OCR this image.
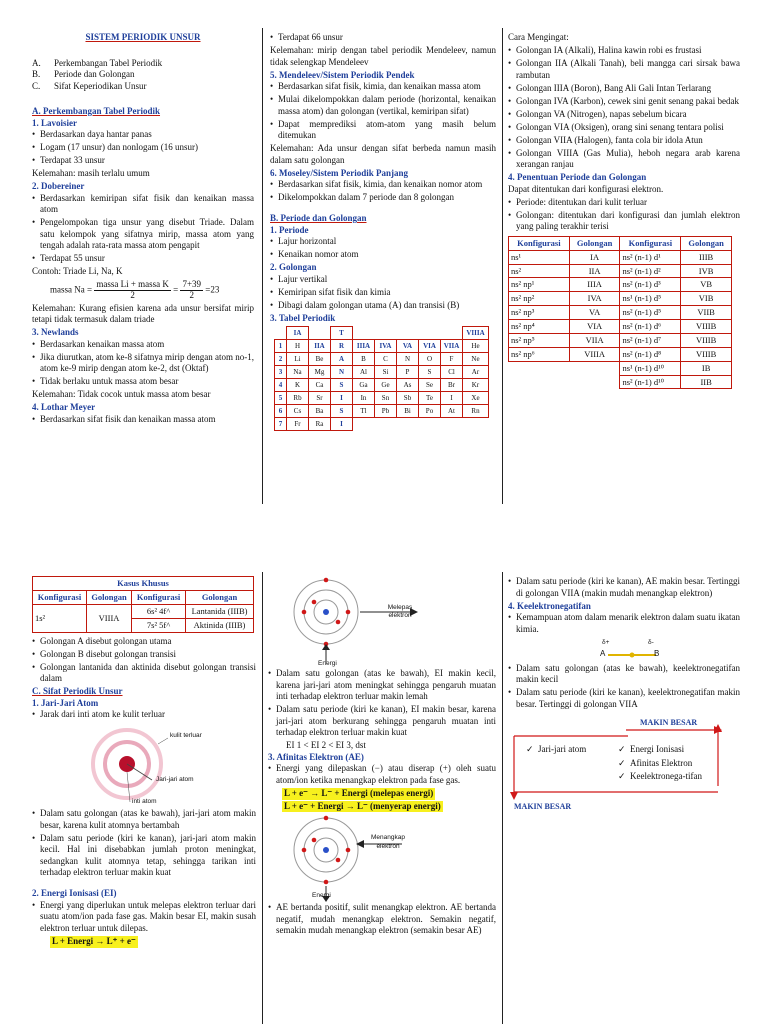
SISTEM PERIODIK UNSUR
A. Perkembangan Tabel Periodik
B. Periode dan Golongan
C. Sifat Keperiodikan Unsur
A. Perkembangan Tabel Periodik
1. Lavoisier
• Berdasarkan daya hantar panas
• Logam (17 unsur) dan nonlogam (16 unsur)
• Terdapat 33 unsur
Kelemahan: masih terlalu umum
2. Dobereiner
• Berdasarkan kemiripan sifat fisik dan kenaikan massa atom
• Pengelompokan tiga unsur yang disebut Triade. Dalam satu kelompok yang sifatnya mirip, massa atom yang tengah adalah rata-rata massa atom pengapit
• Terdapat 55 unsur
Contoh: Triade Li, Na, K
massa $Na = \frac{\text{massa Li + massa K}}{2} = \frac{7+39}{2} =23$
Kelemahan: Kurang efisien karena ada unsur bersifat mirip tetapi tidak termasuk dalam triade
3. Newlands
• Berdasarkan kenaikan massa atom
• Jika diurutkan, atom ke-8 sifatnya mirip dengan atom no-1, atom ke-9 mirip dengan atom ke-2, dst (Oktaf)
• Tidak berlaku untuk massa atom besar
Kelemahan: Tidak cocok untuk massa atom besar
4. Lothar Meyer
• Berdasarkan sifat fisik dan kenaikan massa atom
• Terdapat 66 unsur
Kelemahan: mirip dengan tabel periodik Mendeleev, namun tidak selengkap Mendeleev
5. Mendeleev/Sistem Periodik Pendek
• Berdasarkan sifat fisik, kimia, dan kenaikan massa atom
• Mulai dikelompokkan dalam periode (horizontal, kenaikan massa atom) dan golongan (vertikal, kemiripan sifat)
• Dapat memprediksi atom-atom yang masih belum ditemukan
Kelemahan: Ada unsur dengan sifat berbeda namun masih dalam satu golongan
6. Moseley/Sistem Periodik Panjang
• Berdasarkan sifat fisik, kimia, dan kenaikan nomor atom
• Dikelompokkan dalam 7 periode dan 8 golongan
B. Periode dan Golongan
1. Periode
• Lajur horizontal
• Kenaikan nomor atom
2. Golongan
• Lajur vertikal
• Kemiripan sifat fisik dan kimia
• Dibagi dalam golongan utama (A) dan transisi (B)
3. Tabel Periodik
	IA		T						VIIIA
1	H	IIA	R	IIIA	IVA	VA	VIA	VIIA	He
2	Li	Be	A	B	C	N	O	F	Ne
3	Na	Mg	N	Al	Si	P	S	Cl	Ar
4	K	Ca	S	Ga	Ge	As	Se	Br	Kr
5	Rb	Sr	I	In	Sn	Sb	Te	I	Xe
6	Cs	Ba	S	Tl	Pb	Bi	Po	At	Rn
7	Fr	Ra	I						
Cara Mengingat:
• Golongan IA (Alkali), Halina kawin robi es frustasi
• Golongan IIA (Alkali Tanah), beli mangga cari sirsak bawa rambutan
• Golongan IIIA (Boron), Bang Ali Gali Intan Terlarang
• Golongan IVA (Karbon), cewek sini genit senang pakai bedak
• Golongan VA (Nitrogen), napas sebelum bicara
• Golongan VIA (Oksigen), orang sini senang tentara polisi
• Golongan VIIA (Halogen), fanta cola bir idola Atun
• Golongan VIIIA (Gas Mulia), heboh negara arab karena xerangan ranjau
4. Penentuan Periode dan Golongan
Dapat ditentukan dari konfigurasi elektron.
• Periode: ditentukan dari kulit terluar
• Golongan: ditentukan dari konfigurasi dan jumlah elektron yang paling terakhir terisi
Konfigurasi	Golongan	Konfigurasi	Golongan
ns¹	IA	ns² (n-1) d¹	IIIB
ns²	IIA	ns² (n-1) d²	IVB
ns² np¹	IIIA	ns² (n-1) d³	VB
ns² np²	IVA	ns¹ (n-1) d⁵	VIB
ns² np³	VA	ns² (n-1) d⁵	VIIB
ns² np⁴	VIA	ns² (n-1) d⁶	VIIIB
ns² np⁵	VIIA	ns² (n-1) d⁷	VIIIB
ns² np⁶	VIIIA	ns² (n-1) d⁸	VIIIB
		ns¹ (n-1) d¹⁰	IB
		ns² (n-1) d¹⁰	IIB
Kasus Khusus			
Konfigurasi	Golongan	Konfigurasi	Golongan
1s²	VIIIA	6s² 4f^	Lantanida (IIIB)
		7s² 5f^	Aktinida (IIIB)
• Golongan A disebut golongan utama
• Golongan B disebut golongan transisi
• Golongan lantanida dan aktinida disebut golongan transisi dalam
C. Sifat Periodik Unsur
1. Jari-Jari Atom
• Jarak dari inti atom ke kulit terluar
kulit terluar
Jari-jari atom
inti atom
• Dalam satu golongan (atas ke bawah), jari-jari atom makin besar, karena kulit atomnya bertambah
• Dalam satu periode (kiri ke kanan), jari-jari atom makin kecil. Hal ini disebabkan jumlah proton meningkat, sedangkan kulit atomnya tetap, sehingga tarikan inti terhadap elektron terluar makin kuat
2. Energi Ionisasi (EI)
• Energi yang diperlukan untuk melepas elektron terluar dari suatu atom/ion pada fase gas. Makin besar EI, makin susah elektron terluar untuk dilepas.
L + Energi → L⁺ + e⁻
Melepas elektron
Energi
• Dalam satu golongan (atas ke bawah), EI makin kecil, karena jari-jari atom meningkat sehingga pengaruh muatan inti terhadap elektron terluar makin lemah
• Dalam satu periode (kiri ke kanan), EI makin besar, karena jari-jari atom berkurang sehingga pengaruh muatan inti terhadap elektron terluar makin kuat
EI 1 < EI 2 < EI 3, dst
3. Afinitas Elektron (AE)
• Energi yang dilepaskan (−) atau diserap (+) oleh suatu atom/ion ketika menangkap elektron pada fase gas.
L + e⁻ → L⁻ + Energi (melepas energi)
L + e⁻ + Energi → L⁻ (menyerap energi)
Menangkap elektron
Energi
• AE bertanda positif, sulit menangkap elektron. AE bertanda negatif, mudah menangkap elektron. Semakin negatif, semakin mudah menangkap elektron (semakin besar AE)
• Dalam satu periode (kiri ke kanan), AE makin besar. Tertinggi di golongan VIIA (makin mudah menangkap elektron)
4. Keelektronegatifan
• Kemampuan atom dalam menarik elektron dalam suatu ikatan kimia.
δ+	δ-
A	B
• Dalam satu golongan (atas ke bawah), keelektronegatifan makin kecil
• Dalam satu periode (kiri ke kanan), keelektronegatifan makin besar. Tertinggi di golongan VIIA
MAKIN BESAR
MAKIN BESAR
✓ Jari-jari atom	✓ Energi Ionisasi
✓ Afinitas Elektron
✓ Keelektronega-tifan
